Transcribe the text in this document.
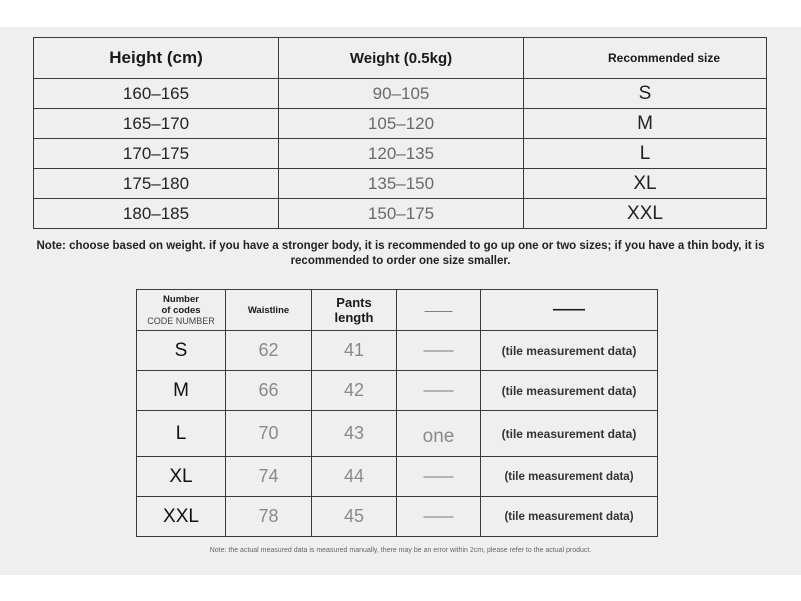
Height (cm)	Weight (0.5kg)	Recommended size
160–165	90–105	S
165–170	105–120	M
170–175	120–135	L
175–180	135–150	XL
180–185	150–175	XXL
Note: choose based on weight. if you have a stronger body, it is recommended to go up one or two sizes; if you have a thin body, it is recommended to order one size smaller.
Number of codes
CODE NUMBER	Waistline	Pants length	——	——
S	62	41	——	(tile measurement data)
M	66	42	——	(tile measurement data)
L	70	43	one	(tile measurement data)
XL	74	44	——	(tile measurement data)
XXL	78	45	——	(tile measurement data)
Note: the actual measured data is measured manually, there may be an error within 2cm, please refer to the actual product.
